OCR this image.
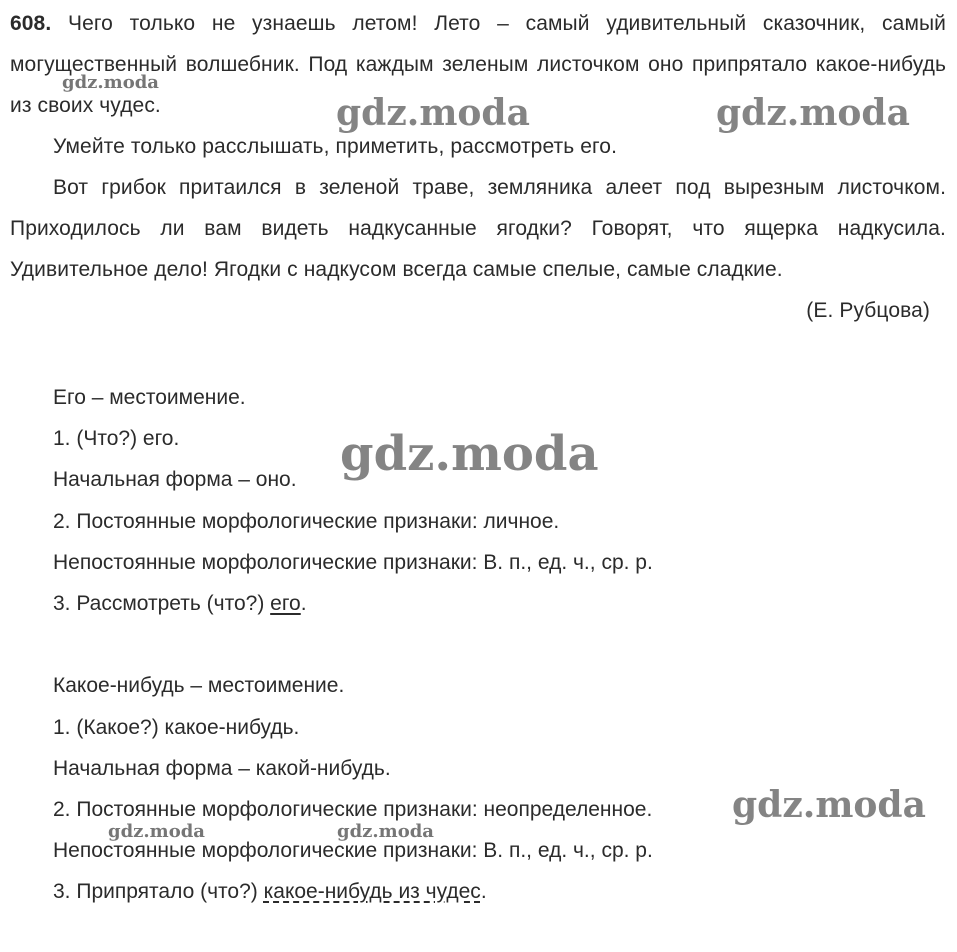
608. Чего только не узнаешь летом! Лето – самый удивительный сказочник, самый могущественный волшебник. Под каждым зеленым листочком оно припрятало какое-нибудь из своих чудес.

Умейте только расслышать, приметить, рассмотреть его.

Вот грибок притаился в зеленой траве, земляника алеет под вырезным листочком. Приходилось ли вам видеть надкусанные ягодки? Говорят, что ящерка надкусила. Удивительное дело! Ягодки с надкусом всегда самые спелые, самые сладкие.

(Е. Рубцова)

Его – местоимение.
1. (Что?) его.
Начальная форма – оно.
2. Постоянные морфологические признаки: личное.
Непостоянные морфологические признаки: В. п., ед. ч., ср. р.
3. Рассмотреть (что?) его.
Какое-нибудь – местоимение.
1. (Какое?) какое-нибудь.
Начальная форма – какой-нибудь.
2. Постоянные морфологические признаки: неопределенное.
Непостоянные морфологические признаки: В. п., ед. ч., ср. р.
3. Припрятало (что?) какое-нибудь из чудес.
gdz.moda
gdz.moda	gdz.moda
gdz.moda
gdz.moda
gdz.moda	gdz.moda
